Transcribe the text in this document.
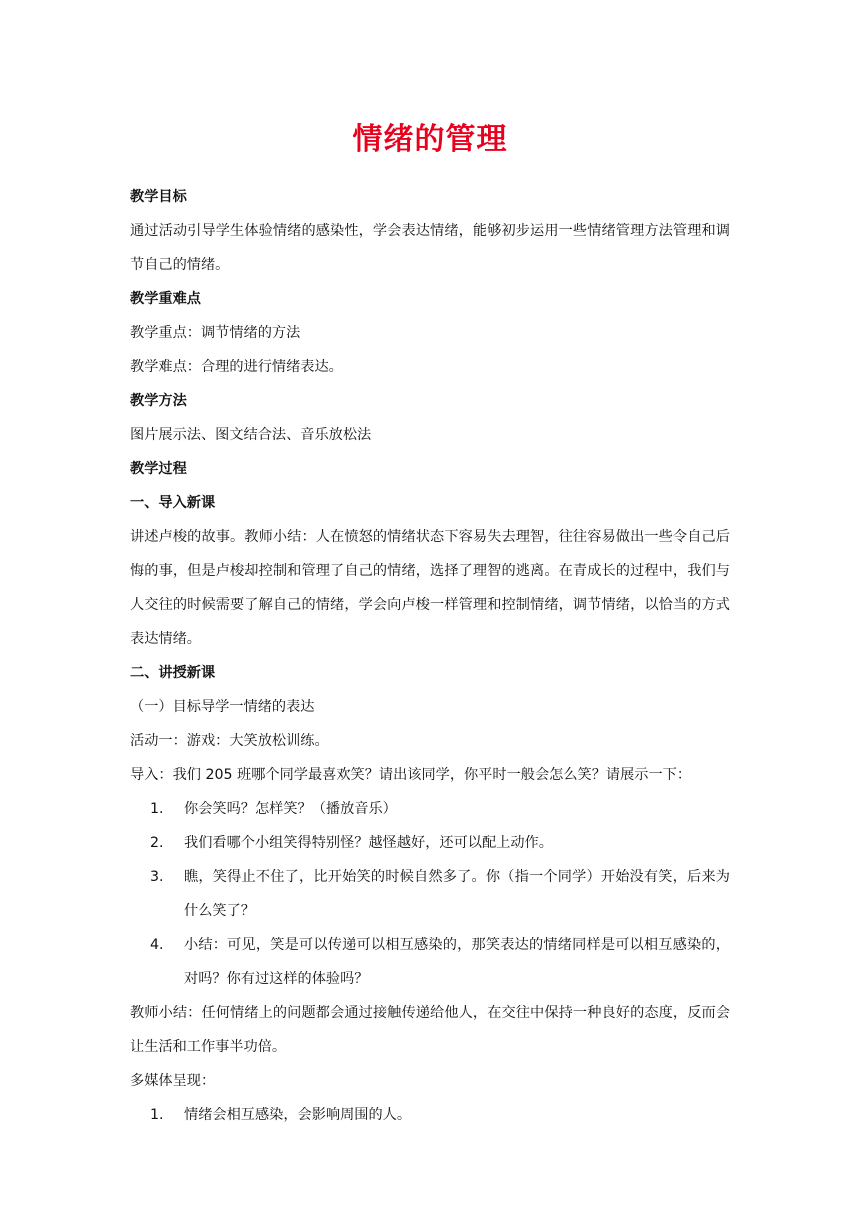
情绪的管理

教学目标

通过活动引导学生体验情绪的感染性，学会表达情绪，能够初步运用一些情绪管理方法管理和调节自己的情绪。

教学重难点

教学重点：调节情绪的方法

教学难点：合理的进行情绪表达。

教学方法

图片展示法、图文结合法、音乐放松法

教学过程

一、导入新课

讲述卢梭的故事。教师小结：人在愤怒的情绪状态下容易失去理智，往往容易做出一些令自己后悔的事，但是卢梭却控制和管理了自己的情绪，选择了理智的逃离。在青成长的过程中，我们与人交往的时候需要了解自己的情绪，学会向卢梭一样管理和控制情绪，调节情绪，以恰当的方式表达情绪。

二、讲授新课

（一）目标导学一情绪的表达

活动一：游戏：大笑放松训练。

导入：我们 205 班哪个同学最喜欢笑？请出该同学，你平时一般会怎么笑？请展示一下：

1.	你会笑吗？怎样笑？（播放音乐）
2.	我们看哪个小组笑得特别怪？越怪越好，还可以配上动作。
3.	瞧，笑得止不住了，比开始笑的时候自然多了。你（指一个同学）开始没有笑，后来为什么笑了？
4.	小结：可见，笑是可以传递可以相互感染的，那笑表达的情绪同样是可以相互感染的，对吗？你有过这样的体验吗？

教师小结：任何情绪上的问题都会通过接触传递给他人，在交往中保持一种良好的态度，反而会让生活和工作事半功倍。

多媒体呈现：

1.	情绪会相互感染，会影响周围的人。
